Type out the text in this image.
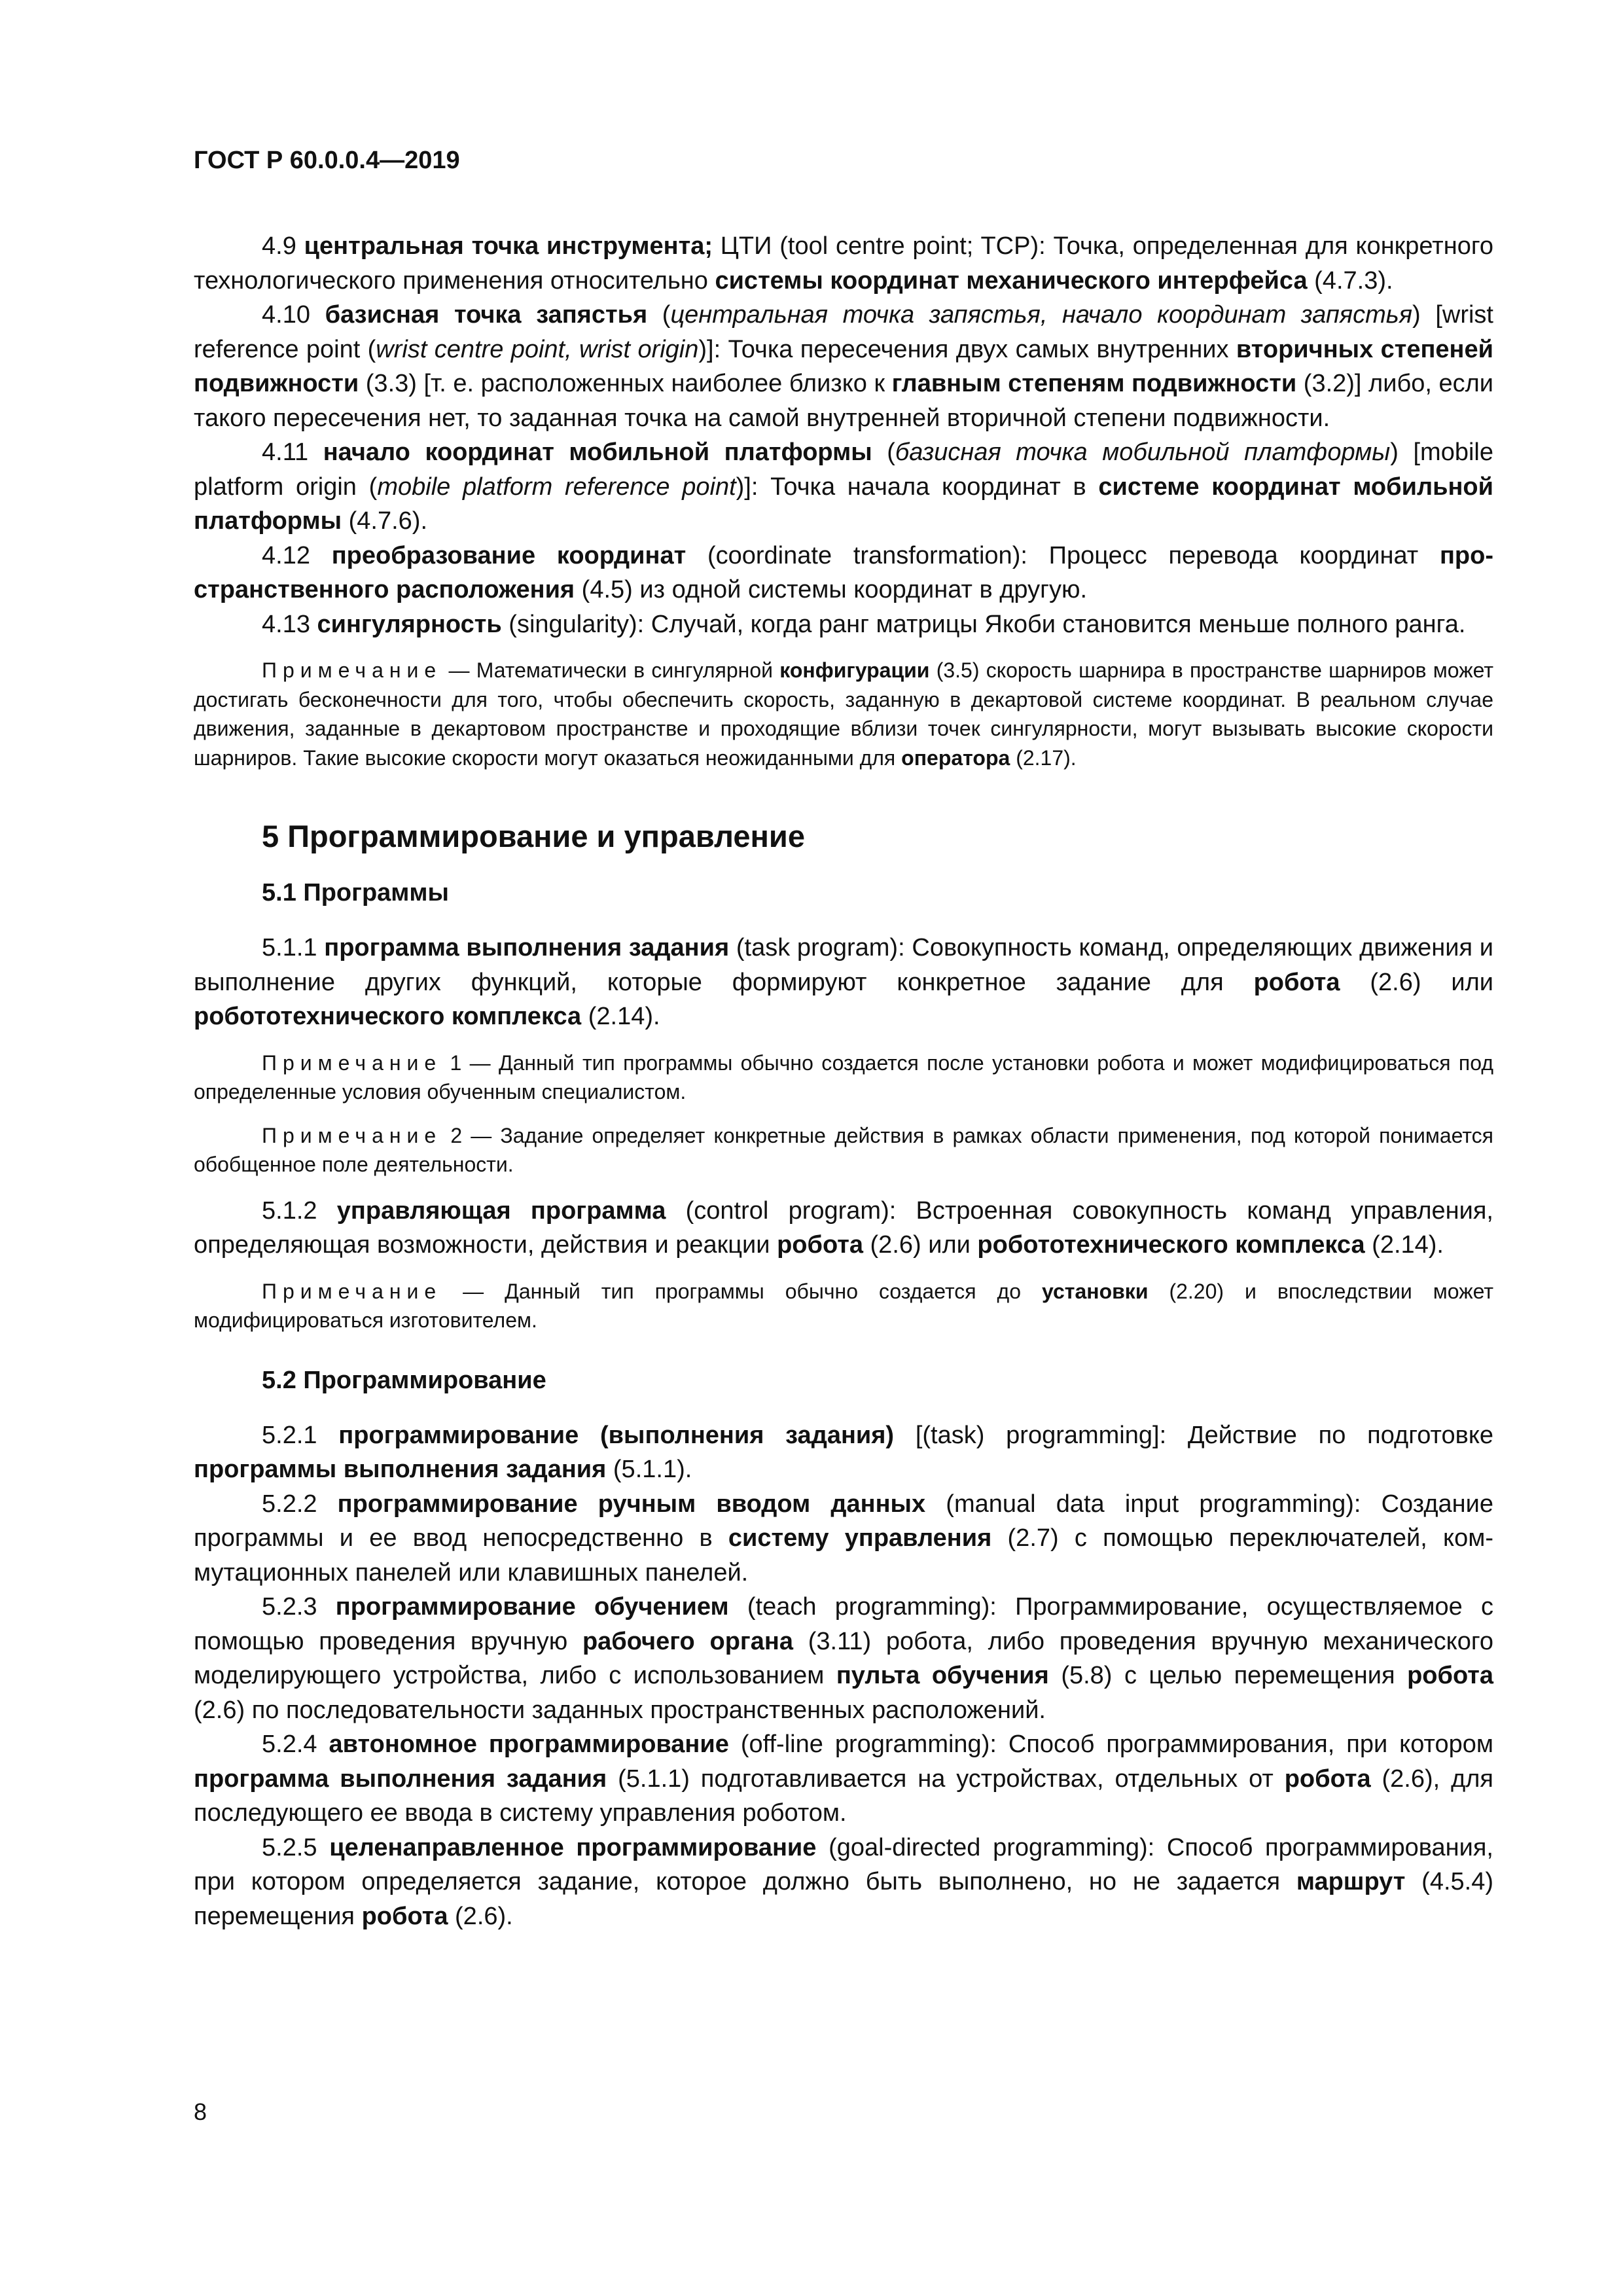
ГОСТ Р 60.0.0.4—2019

4.9 центральная точка инструмента; ЦТИ (tool centre point; TCP): Точка, определенная для конкретного технологического применения относительно системы координат механического интерфейса (4.7.3).

4.10 базисная точка запястья (центральная точка запястья, начало координат запястья) [wrist reference point (wrist centre point, wrist origin)]: Точка пересечения двух самых внутренних вторичных степеней подвижности (3.3) [т. е. расположенных наиболее близко к главным степеням подвижности (3.2)] либо, если такого пересечения нет, то заданная точка на самой внутренней вторичной степени подвижности.

4.11 начало координат мобильной платформы (базисная точка мобильной платформы) [mobile platform origin (mobile platform reference point)]: Точка начала координат в системе координат мобильной платформы (4.7.6).

4.12 преобразование координат (coordinate transformation): Процесс перевода координат пространственного расположения (4.5) из одной системы координат в другую.

4.13 сингулярность (singularity): Случай, когда ранг матрицы Якоби становится меньше полного ранга.

Примечание — Математически в сингулярной конфигурации (3.5) скорость шарнира в пространстве шарниров может достигать бесконечности для того, чтобы обеспечить скорость, заданную в декартовой системе координат. В реальном случае движения, заданные в декартовом пространстве и проходящие вблизи точек сингулярности, могут вызывать высокие скорости шарниров. Такие высокие скорости могут оказаться неожиданными для оператора (2.17).

5 Программирование и управление

5.1 Программы

5.1.1 программа выполнения задания (task program): Совокупность команд, определяющих движения и выполнение других функций, которые формируют конкретное задание для робота (2.6) или робототехнического комплекса (2.14).

Примечание 1 — Данный тип программы обычно создается после установки робота и может модифицироваться под определенные условия обученным специалистом.

Примечание 2 — Задание определяет конкретные действия в рамках области применения, под которой понимается обобщенное поле деятельности.

5.1.2 управляющая программа (control program): Встроенная совокупность команд управления, определяющая возможности, действия и реакции робота (2.6) или робототехнического комплекса (2.14).

Примечание — Данный тип программы обычно создается до установки (2.20) и впоследствии может модифицироваться изготовителем.

5.2 Программирование

5.2.1 программирование (выполнения задания) [(task) programming]: Действие по подготовке программы выполнения задания (5.1.1).

5.2.2 программирование ручным вводом данных (manual data input programming): Создание программы и ее ввод непосредственно в систему управления (2.7) с помощью переключателей, коммутационных панелей или клавишных панелей.

5.2.3 программирование обучением (teach programming): Программирование, осуществляемое с помощью проведения вручную рабочего органа (3.11) робота, либо проведения вручную механического моделирующего устройства, либо с использованием пульта обучения (5.8) с целью перемещения робота (2.6) по последовательности заданных пространственных расположений.

5.2.4 автономное программирование (off-line programming): Способ программирования, при котором программа выполнения задания (5.1.1) подготавливается на устройствах, отдельных от робота (2.6), для последующего ее ввода в систему управления роботом.

5.2.5 целенаправленное программирование (goal-directed programming): Способ программирования, при котором определяется задание, которое должно быть выполнено, но не задается маршрут (4.5.4) перемещения робота (2.6).

8
